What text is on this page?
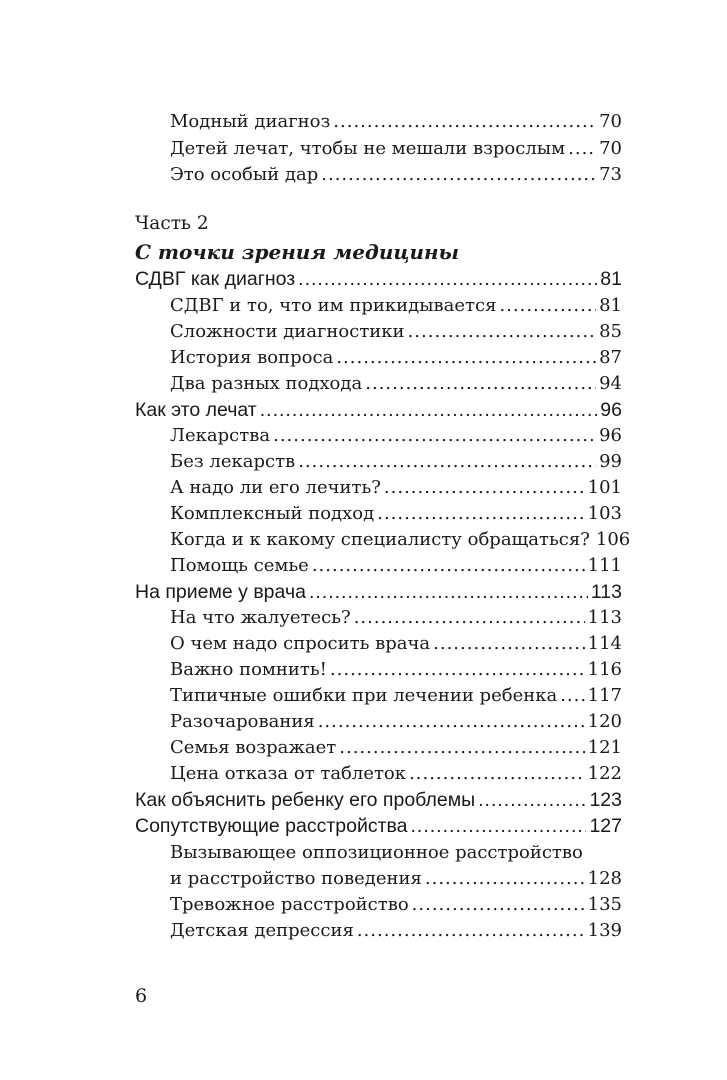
Модный диагноз .....	70
Детей лечат, чтобы не мешали взрослым ..... 70
Это особый дар .....	73
Часть 2
С точки зрения медицины
СДВГ как диагноз .....	81
СДВГ и то, что им прикидывается .....	81
Сложности диагностики .....	85
История вопроса .....	87
Два разных подхода .....	94
Как это лечат .....	96
Лекарства .....	96
Без лекарств .....	99
А надо ли его лечить? .....	101
Комплексный подход .....	103
Когда и к какому специалисту обращаться? 106
Помощь семье .....	111
На приеме у врача .....	113
На что жалуетесь? .....	113
О чем надо спросить врача .....	114
Важно помнить! .....	116
Типичные ошибки при лечении ребенка ..... 117
Разочарования .....	120
Семья возражает .....	121
Цена отказа от таблеток .....	122
Как объяснить ребенку его проблемы .....	123
Сопутствующие расстройства .....	127
Вызывающее оппозиционное расстройство
и расстройство поведения .....	128
Тревожное расстройство .....	135
Детская депрессия .....	139
6
